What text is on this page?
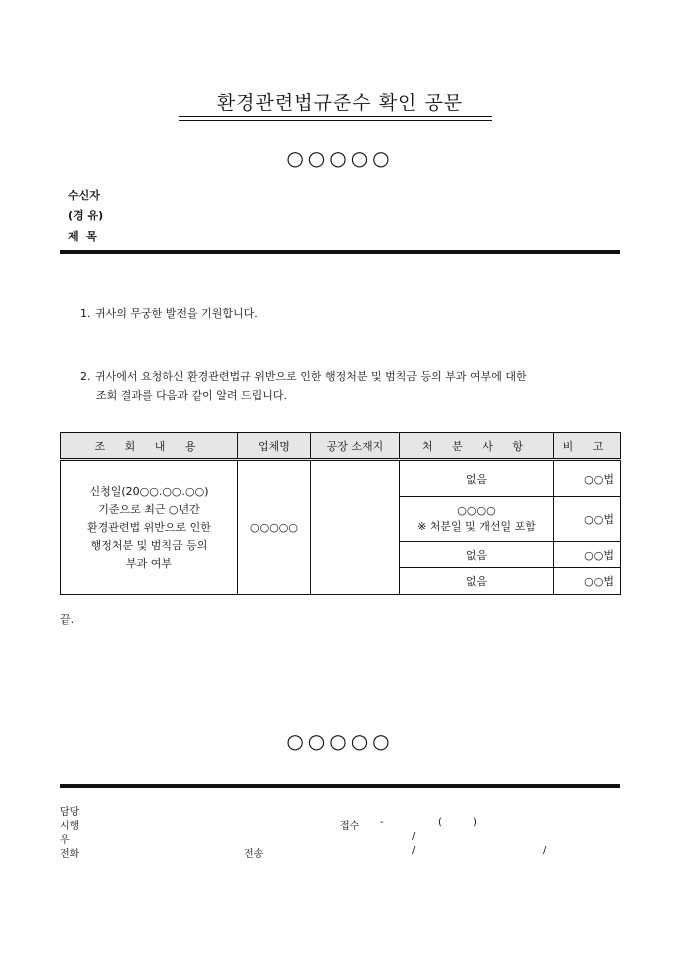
환경관련법규준수 확인 공문
○○○○○
수신자
(경 유)
제  목
1. 귀사의 무궁한 발전을 기원합니다.
2. 귀사에서 요청하신 환경관련법규 위반으로 인한 행정처분 및 범칙금 등의 부과 여부에 대한
조회 결과를 다음과 같이 알려 드립니다.
조 회 내 용	업체명	공장 소재지	처 분 사 항	비 고

신청일(20○○.○○.○○)
기준으로 최근 ○년간
환경관련법 위반으로 인한
행정처분 및 범칙금 등의
부과 여부	○○○○○		없음	○○법

			○○○○
※ 처분일 및 개선일 포함	○○법
			없음	○○법
			없음	○○법
끝.
○○○○○
담당
시행
우
전화
접수 -	(	)
/
전송	/	/
